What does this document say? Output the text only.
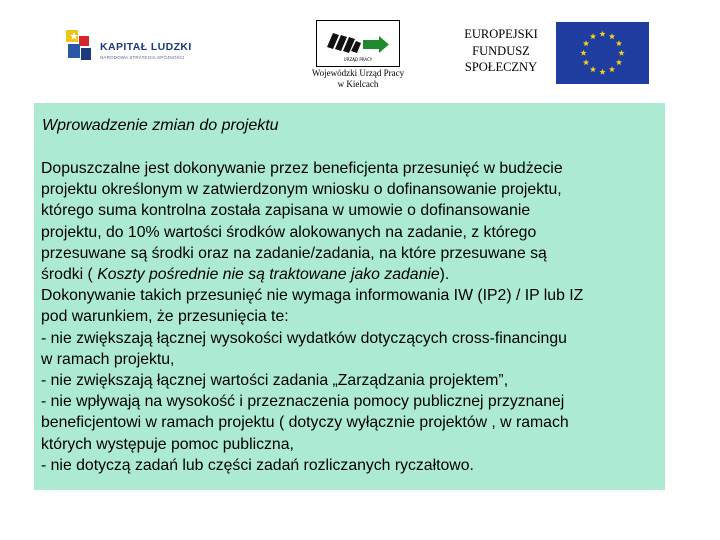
KAPITAŁ LUDZKI
NARODOWA STRATEGIA SPÓJNOŚCI	URZĄD PRACY
Wojewódzki Urząd Pracy
w Kielcach
EUROPEJSKI
FUNDUSZ
SPOŁECZNY
Wprowadzenie zmian do projektu
Dopuszczalne jest dokonywanie przez beneficjenta przesunięć w budżecie
projektu określonym w zatwierdzonym wniosku o dofinansowanie projektu,
którego suma kontrolna została zapisana w umowie o dofinansowanie
projektu, do 10% wartości środków alokowanych na zadanie, z którego
przesuwane są środki oraz na zadanie/zadania, na które przesuwane są
środki ( Koszty pośrednie nie są traktowane jako zadanie).
Dokonywanie takich przesunięć nie wymaga informowania IW (IP2) / IP lub IZ
pod warunkiem, że przesunięcia te:
- nie zwiększają łącznej wysokości wydatków dotyczących cross-financingu
w ramach projektu,
- nie zwiększają łącznej wartości zadania „Zarządzania projektem”,
- nie wpływają na wysokość i przeznaczenia pomocy publicznej przyznanej
beneficjentowi w ramach projektu ( dotyczy wyłącznie projektów , w ramach
których występuje pomoc publiczna,
- nie dotyczą zadań lub części zadań rozliczanych ryczałtowo.
